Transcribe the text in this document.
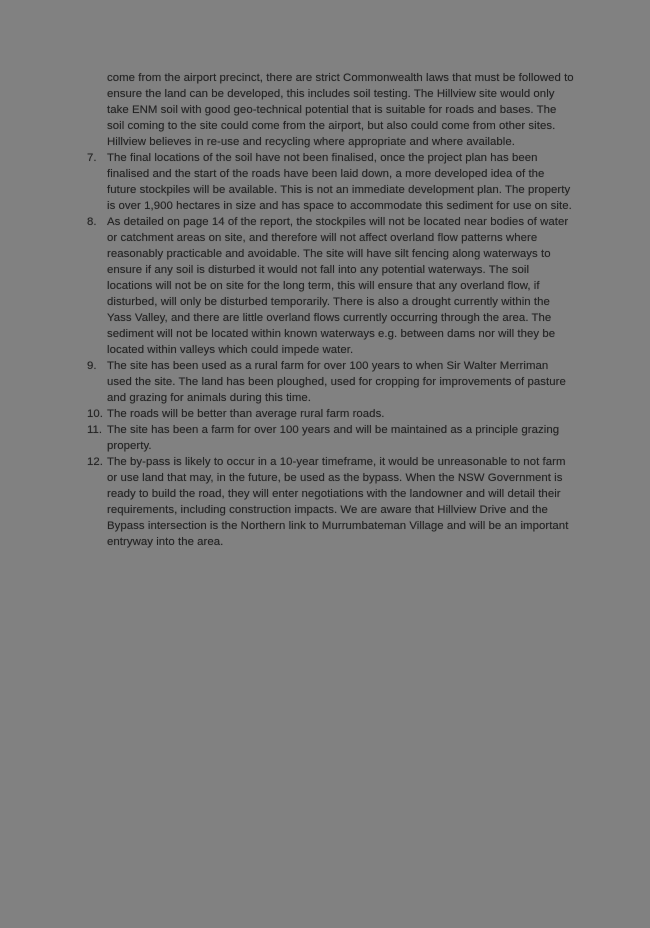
come from the airport precinct, there are strict Commonwealth laws that must be followed to ensure the land can be developed, this includes soil testing. The Hillview site would only take ENM soil with good geo-technical potential that is suitable for roads and bases. The soil coming to the site could come from the airport, but also could come from other sites. Hillview believes in re-use and recycling where appropriate and where available.

7. The final locations of the soil have not been finalised, once the project plan has been finalised and the start of the roads have been laid down, a more developed idea of the future stockpiles will be available. This is not an immediate development plan. The property is over 1,900 hectares in size and has space to accommodate this sediment for use on site.
8. As detailed on page 14 of the report, the stockpiles will not be located near bodies of water or catchment areas on site, and therefore will not affect overland flow patterns where reasonably practicable and avoidable. The site will have silt fencing along waterways to ensure if any soil is disturbed it would not fall into any potential waterways. The soil locations will not be on site for the long term, this will ensure that any overland flow, if disturbed, will only be disturbed temporarily. There is also a drought currently within the Yass Valley, and there are little overland flows currently occurring through the area. The sediment will not be located within known waterways e.g. between dams nor will they be located within valleys which could impede water.
9. The site has been used as a rural farm for over 100 years to when Sir Walter Merriman used the site. The land has been ploughed, used for cropping for improvements of pasture and grazing for animals during this time.
10. The roads will be better than average rural farm roads.
11. The site has been a farm for over 100 years and will be maintained as a principle grazing property.
12. The by-pass is likely to occur in a 10-year timeframe, it would be unreasonable to not farm or use land that may, in the future, be used as the bypass. When the NSW Government is ready to build the road, they will enter negotiations with the landowner and will detail their requirements, including construction impacts. We are aware that Hillview Drive and the Bypass intersection is the Northern link to Murrumbateman Village and will be an important entryway into the area.
